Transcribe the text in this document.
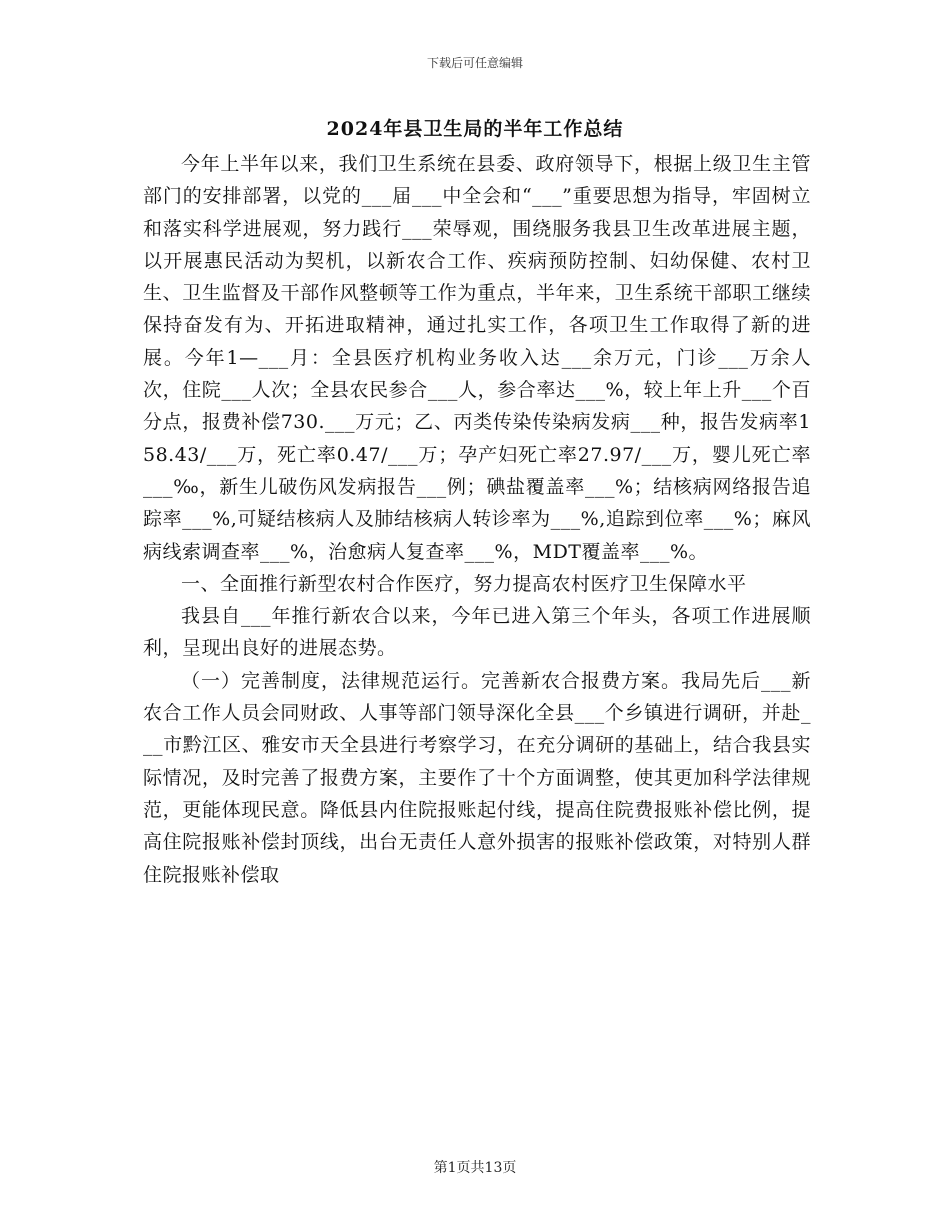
下载后可任意编辑
2024年县卫生局的半年工作总结

今年上半年以来，我们卫生系统在县委、政府领导下，根据上级卫生主管部门的安排部署，以党的___届___中全会和“___”重要思想为指导，牢固树立和落实科学进展观，努力践行___荣辱观，围绕服务我县卫生改革进展主题，以开展惠民活动为契机，以新农合工作、疾病预防控制、妇幼保健、农村卫生、卫生监督及干部作风整顿等工作为重点，半年来，卫生系统干部职工继续保持奋发有为、开拓进取精神，通过扎实工作，各项卫生工作取得了新的进展。今年1—___月：全县医疗机构业务收入达___余万元，门诊___万余人次，住院___人次；全县农民参合___人，参合率达___%，较上年上升___个百分点，报费补偿730.___万元；乙、丙类传染传染病发病___种，报告发病率158.43/___万，死亡率0.47/___万；孕产妇死亡率27.97/___万，婴儿死亡率___‰，新生儿破伤风发病报告___例；碘盐覆盖率___%；结核病网络报告追踪率___%,可疑结核病人及肺结核病人转诊率为___%,追踪到位率___%；麻风病线索调查率___%，治愈病人复查率___%，MDT覆盖率___%。

一、全面推行新型农村合作医疗，努力提高农村医疗卫生保障水平

我县自___年推行新农合以来，今年已进入第三个年头，各项工作进展顺利，呈现出良好的进展态势。

（一）完善制度，法律规范运行。完善新农合报费方案。我局先后___新农合工作人员会同财政、人事等部门领导深化全县___个乡镇进行调研，并赴___市黔江区、雅安市天全县进行考察学习，在充分调研的基础上，结合我县实际情况，及时完善了报费方案，主要作了十个方面调整，使其更加科学法律规范，更能体现民意。降低县内住院报账起付线，提高住院费报账补偿比例，提高住院报账补偿封顶线，出台无责任人意外损害的报账补偿政策，对特别人群住院报账补偿取

第1页共13页
